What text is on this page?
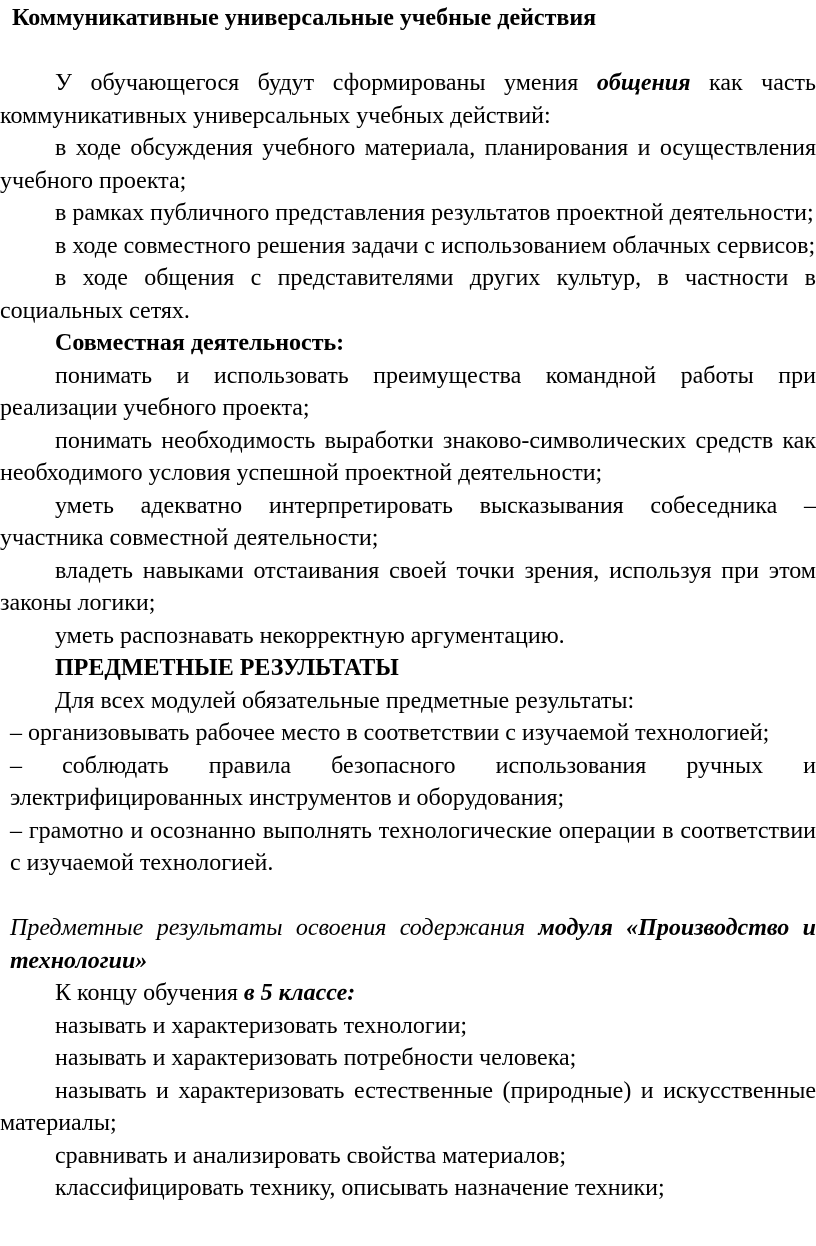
Коммуникативные универсальные учебные действия

У обучающегося будут сформированы умения общения как часть коммуникативных универсальных учебных действий:

в ходе обсуждения учебного материала, планирования и осуществления учебного проекта;

в рамках публичного представления результатов проектной деятельности;

в ходе совместного решения задачи с использованием облачных сервисов;

в ходе общения с представителями других культур, в частности в социальных сетях.

Совместная деятельность:

понимать и использовать преимущества командной работы при реализации учебного проекта;

понимать необходимость выработки знаково-символических средств как необходимого условия успешной проектной деятельности;

уметь адекватно интерпретировать высказывания собеседника – участника совместной деятельности;

владеть навыками отстаивания своей точки зрения, используя при этом законы логики;

уметь распознавать некорректную аргументацию.

ПРЕДМЕТНЫЕ РЕЗУЛЬТАТЫ

Для всех модулей обязательные предметные результаты:

– организовывать рабочее место в соответствии с изучаемой технологией;

– соблюдать правила безопасного использования ручных и электрифицированных инструментов и оборудования;

– грамотно и осознанно выполнять технологические операции в соответствии с изучаемой технологией.

Предметные результаты освоения содержания модуля «Производство и технологии»

К концу обучения в 5 классе:

называть и характеризовать технологии;

называть и характеризовать потребности человека;

называть и характеризовать естественные (природные) и искусственные материалы;

сравнивать и анализировать свойства материалов;

классифицировать технику, описывать назначение техники;
